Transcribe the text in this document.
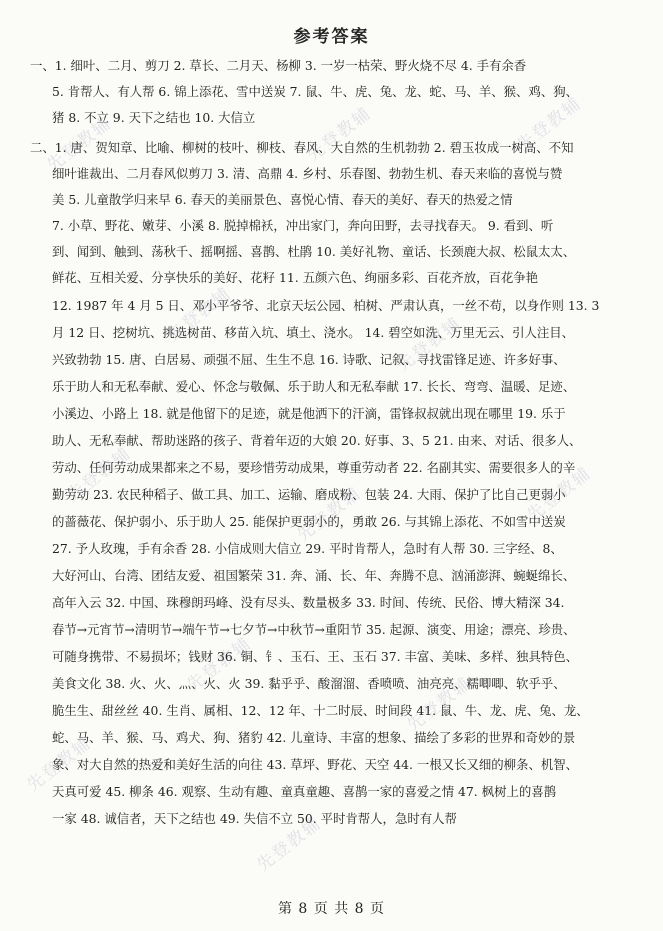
参考答案
一、1. 细叶、二月、剪刀 2. 草长、二月天、杨柳 3. 一岁一枯荣、野火烧不尽 4. 手有余香
5. 肯帮人、有人帮 6. 锦上添花、雪中送炭 7. 鼠、牛、虎、兔、龙、蛇、马、羊、猴、鸡、狗、
猪 8. 不立 9. 天下之结也 10. 大信立
二、1. 唐、贺知章、比喻、柳树的枝叶、柳枝、春风、大自然的生机勃勃 2. 碧玉妆成一树高、不知
细叶谁裁出、二月春风似剪刀 3. 清、高鼎 4. 乡村、乐春图、勃勃生机、春天来临的喜悦与赞
美 5. 儿童散学归来早 6. 春天的美丽景色、喜悦心情、春天的美好、春天的热爱之情
7. 小草、野花、嫩芽、小溪 8. 脱掉棉袄，冲出家门，奔向田野，去寻找春天。 9. 看到、听
到、闻到、触到、荡秋千、摇啊摇、喜鹊、杜鹃 10. 美好礼物、童话、长颈鹿大叔、松鼠太太、
鲜花、互相关爱、分享快乐的美好、花籽 11. 五颜六色、绚丽多彩、百花齐放，百花争艳
12. 1987 年 4 月 5 日、邓小平爷爷、北京天坛公园、柏树、严肃认真，一丝不苟，以身作则 13. 3
月 12 日、挖树坑、挑选树苗、移苗入坑、填土、浇水。 14. 碧空如洗、万里无云、引人注目、
兴致勃勃 15. 唐、白居易、顽强不屈、生生不息 16. 诗歌、记叙、寻找雷锋足迹、许多好事、
乐于助人和无私奉献、爱心、怀念与敬佩、乐于助人和无私奉献 17. 长长、弯弯、温暖、足迹、
小溪边、小路上 18. 就是他留下的足迹，就是他洒下的汗滴，雷锋叔叔就出现在哪里 19. 乐于
助人、无私奉献、帮助迷路的孩子、背着年迈的大娘 20. 好事、3、5 21. 由来、对话、很多人、
劳动、任何劳动成果都来之不易，要珍惜劳动成果，尊重劳动者 22. 名副其实、需要很多人的辛
勤劳动 23. 农民种稻子、做工具、加工、运输、磨成粉、包装 24. 大雨、保护了比自己更弱小
的蔷薇花、保护弱小、乐于助人 25. 能保护更弱小的，勇敢 26. 与其锦上添花、不如雪中送炭
27. 予人玫瑰，手有余香 28. 小信成则大信立 29. 平时肯帮人，急时有人帮 30. 三字经、8、
大好河山、台湾、团结友爱、祖国繁荣 31. 奔、涌、长、年、奔腾不息、汹涌澎湃、蜿蜒绵长、
高年入云 32. 中国、珠穆朗玛峰、没有尽头、数量极多 33. 时间、传统、民俗、博大精深 34.
春节→元宵节→清明节→端午节→七夕节→中秋节→重阳节 35. 起源、演变、用途；漂亮、珍贵、
可随身携带、不易损坏；钱财 36. 铜、钅、玉石、王、玉石 37. 丰富、美味、多样、独具特色、
美食文化 38. 火、火、灬、火、火 39. 黏乎乎、酸溜溜、香喷喷、油亮亮、糯唧唧、软乎乎、
脆生生、甜丝丝 40. 生肖、属相、12、12 年、十二时辰、时间段 41. 鼠、牛、龙、虎、兔、龙、
蛇、马、羊、猴、马、鸡犬、狗、猪豹 42. 儿童诗、丰富的想象、描绘了多彩的世界和奇妙的景
象、对大自然的热爱和美好生活的向往 43. 草坪、野花、天空 44. 一根又长又细的柳条、机智、
天真可爱 45. 柳条 46. 观察、生动有趣、童真童趣、喜鹊一家的喜爱之情 47. 枫树上的喜鹊
一家 48. 诚信者，天下之结也 49. 失信不立 50. 平时肯帮人，急时有人帮
第 8 页 共 8 页
先登教辅	先登教辅	先登教辅
先登教辅	先登教辅
先登教辅
先登教辅	先登教辅
先登教辅
先登教辅
先登教辅
先登教辅
